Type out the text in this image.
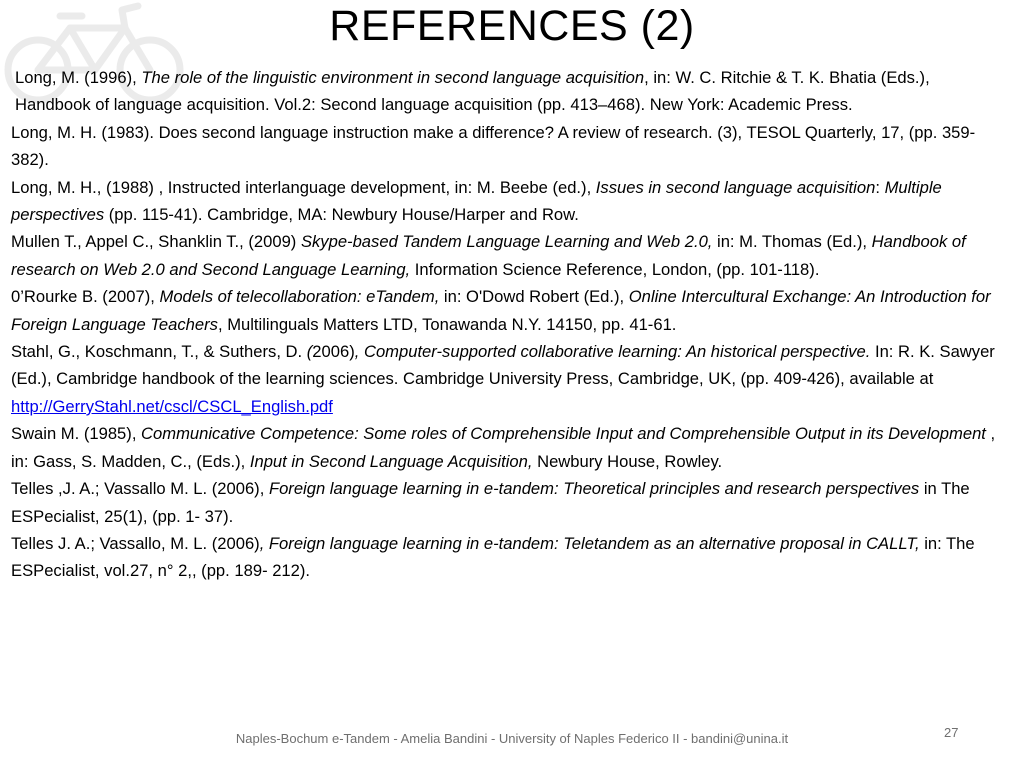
REFERENCES (2)

Long, M. (1996), The role of the linguistic environment in second language acquisition, in: W. C. Ritchie & T. K. Bhatia (Eds.), Handbook of language acquisition. Vol.2: Second language acquisition (pp. 413–468). New York: Academic Press.

Long, M. H. (1983). Does second language instruction make a difference? A review of research. (3), TESOL Quarterly, 17, (pp. 359-382).

Long, M. H., (1988) , Instructed interlanguage development, in: M. Beebe (ed.), Issues in second language acquisition: Multiple perspectives (pp. 115-41). Cambridge, MA: Newbury House/Harper and Row.

Mullen T., Appel C., Shanklin T., (2009) Skype-based Tandem Language Learning and Web 2.0, in: M. Thomas (Ed.), Handbook of research on Web 2.0 and Second Language Learning, Information Science Reference, London, (pp. 101-118).

0’Rourke B. (2007), Models of telecollaboration: eTandem, in: O'Dowd Robert (Ed.), Online Intercultural Exchange: An Introduction for Foreign Language Teachers, Multilinguals Matters LTD, Tonawanda N.Y. 14150, pp. 41-61.

Stahl, G., Koschmann, T., & Suthers, D. (2006), Computer-supported collaborative learning: An historical perspective. In: R. K. Sawyer (Ed.), Cambridge handbook of the learning sciences. Cambridge University Press, Cambridge, UK, (pp. 409-426), available at http://GerryStahl.net/cscl/CSCL_English.pdf

Swain M. (1985), Communicative Competence: Some roles of Comprehensible Input and Comprehensible Output in its Development , in: Gass, S. Madden, C., (Eds.), Input in Second Language Acquisition, Newbury House, Rowley.

Telles ,J. A.; Vassallo M. L. (2006), Foreign language learning in e-tandem: Theoretical principles and research perspectives in The ESPecialist, 25(1), (pp. 1- 37).

Telles J. A.; Vassallo, M. L. (2006), Foreign language learning in e-tandem: Teletandem as an alternative proposal in CALLT, in: The ESPecialist, vol.27, n° 2,, (pp. 189- 212).

Naples-Bochum e-Tandem - Amelia Bandini - University of Naples Federico II - bandini@unina.it	27
